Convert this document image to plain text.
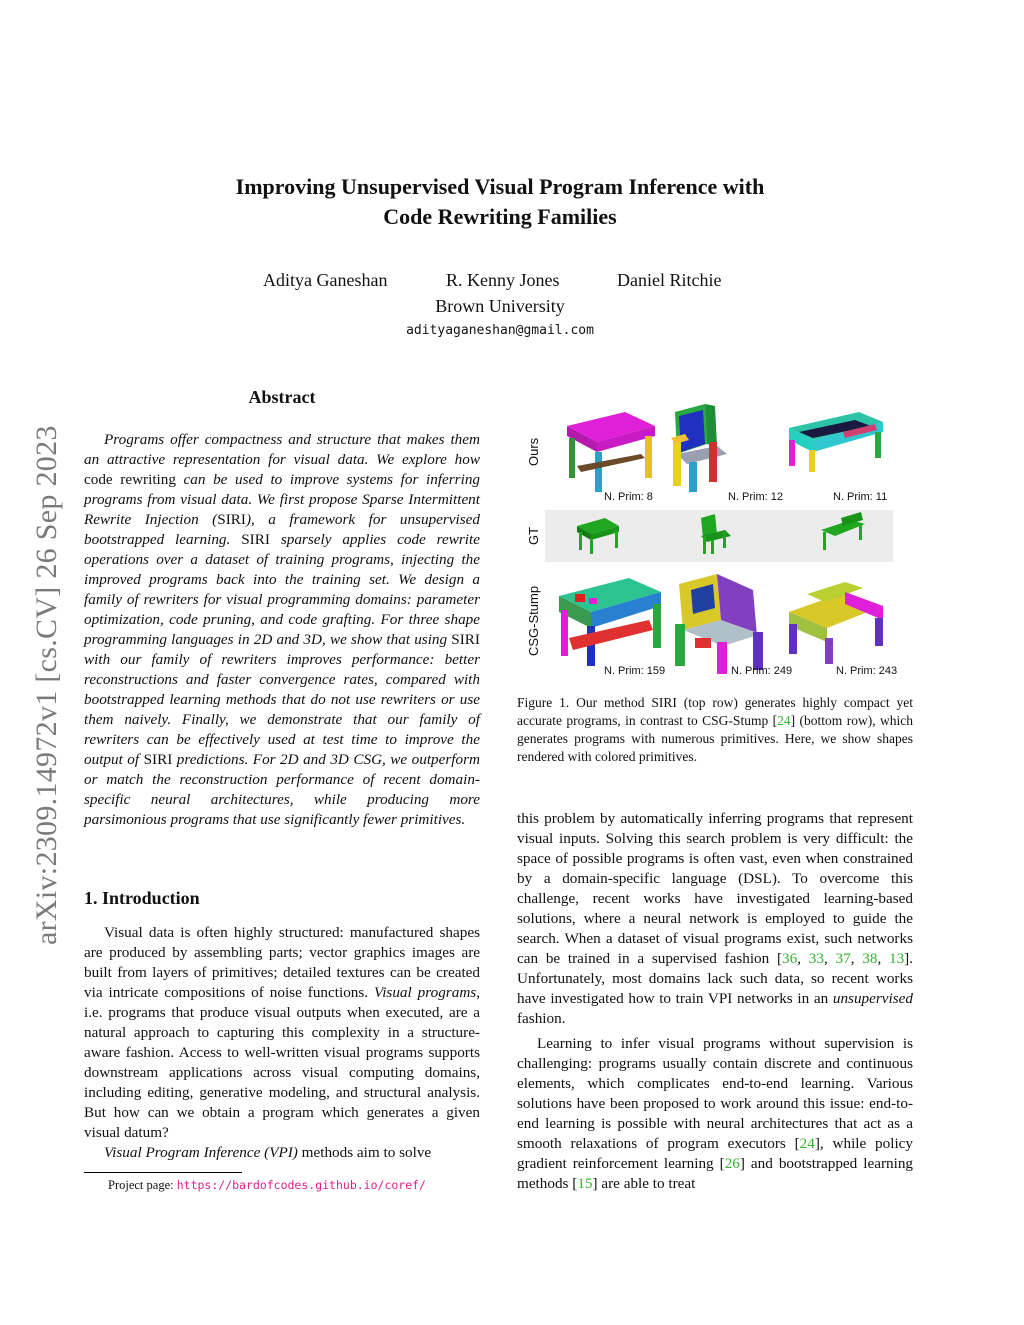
Improving Unsupervised Visual Program Inference with
Code Rewriting Families
Aditya Ganeshan	R. Kenny Jones	Daniel Ritchie
Brown University
adityaganeshan@gmail.com
arXiv:2309.14972v1 [cs.CV] 26 Sep 2023
Abstract
Programs offer compactness and structure that makes them an attractive representation for visual data. We explore how code rewriting can be used to improve systems for inferring programs from visual data. We first propose Sparse Intermittent Rewrite Injection (SIRI), a framework for unsupervised bootstrapped learning. SIRI sparsely applies code rewrite operations over a dataset of training programs, injecting the improved programs back into the training set. We design a family of rewriters for visual programming domains: parameter optimization, code pruning, and code grafting. For three shape programming languages in 2D and 3D, we show that using SIRI with our family of rewriters improves performance: better reconstructions and faster convergence rates, compared with bootstrapped learning methods that do not use rewriters or use them naively. Finally, we demonstrate that our family of rewriters can be effectively used at test time to improve the output of SIRI predictions. For 2D and 3D CSG, we outperform or match the reconstruction performance of recent domain-specific neural architectures, while producing more parsimonious programs that use significantly fewer primitives.
1. Introduction

Visual data is often highly structured: manufactured shapes are produced by assembling parts; vector graphics images are built from layers of primitives; detailed textures can be created via intricate compositions of noise functions. Visual programs, i.e. programs that produce visual outputs when executed, are a natural approach to capturing this complexity in a structure-aware fashion. Access to well-written visual programs supports downstream applications across visual computing domains, including editing, generative modeling, and structural analysis. But how can we obtain a program which generates a given visual datum?

Visual Program Inference (VPI) methods aim to solve

Project page: https://bardofcodes.github.io/coref/
Ours
GT
CSG-Stump
N. Prim: 8	N. Prim: 12	N. Prim: 11
N. Prim: 159	N. Prim: 249	N. Prim: 243
Figure 1. Our method SIRI (top row) generates highly compact yet accurate programs, in contrast to CSG-Stump [24] (bottom row), which generates programs with numerous primitives. Here, we show shapes rendered with colored primitives.

this problem by automatically inferring programs that represent visual inputs. Solving this search problem is very difficult: the space of possible programs is often vast, even when constrained by a domain-specific language (DSL). To overcome this challenge, recent works have investigated learning-based solutions, where a neural network is employed to guide the search. When a dataset of visual programs exist, such networks can be trained in a supervised fashion [36, 33, 37, 38, 13]. Unfortunately, most domains lack such data, so recent works have investigated how to train VPI networks in an unsupervised fashion.

Learning to infer visual programs without supervision is challenging: programs usually contain discrete and continuous elements, which complicates end-to-end learning. Various solutions have been proposed to work around this issue: end-to-end learning is possible with neural architectures that act as a smooth relaxations of program executors [24], while policy gradient reinforcement learning [26] and bootstrapped learning methods [15] are able to treat
